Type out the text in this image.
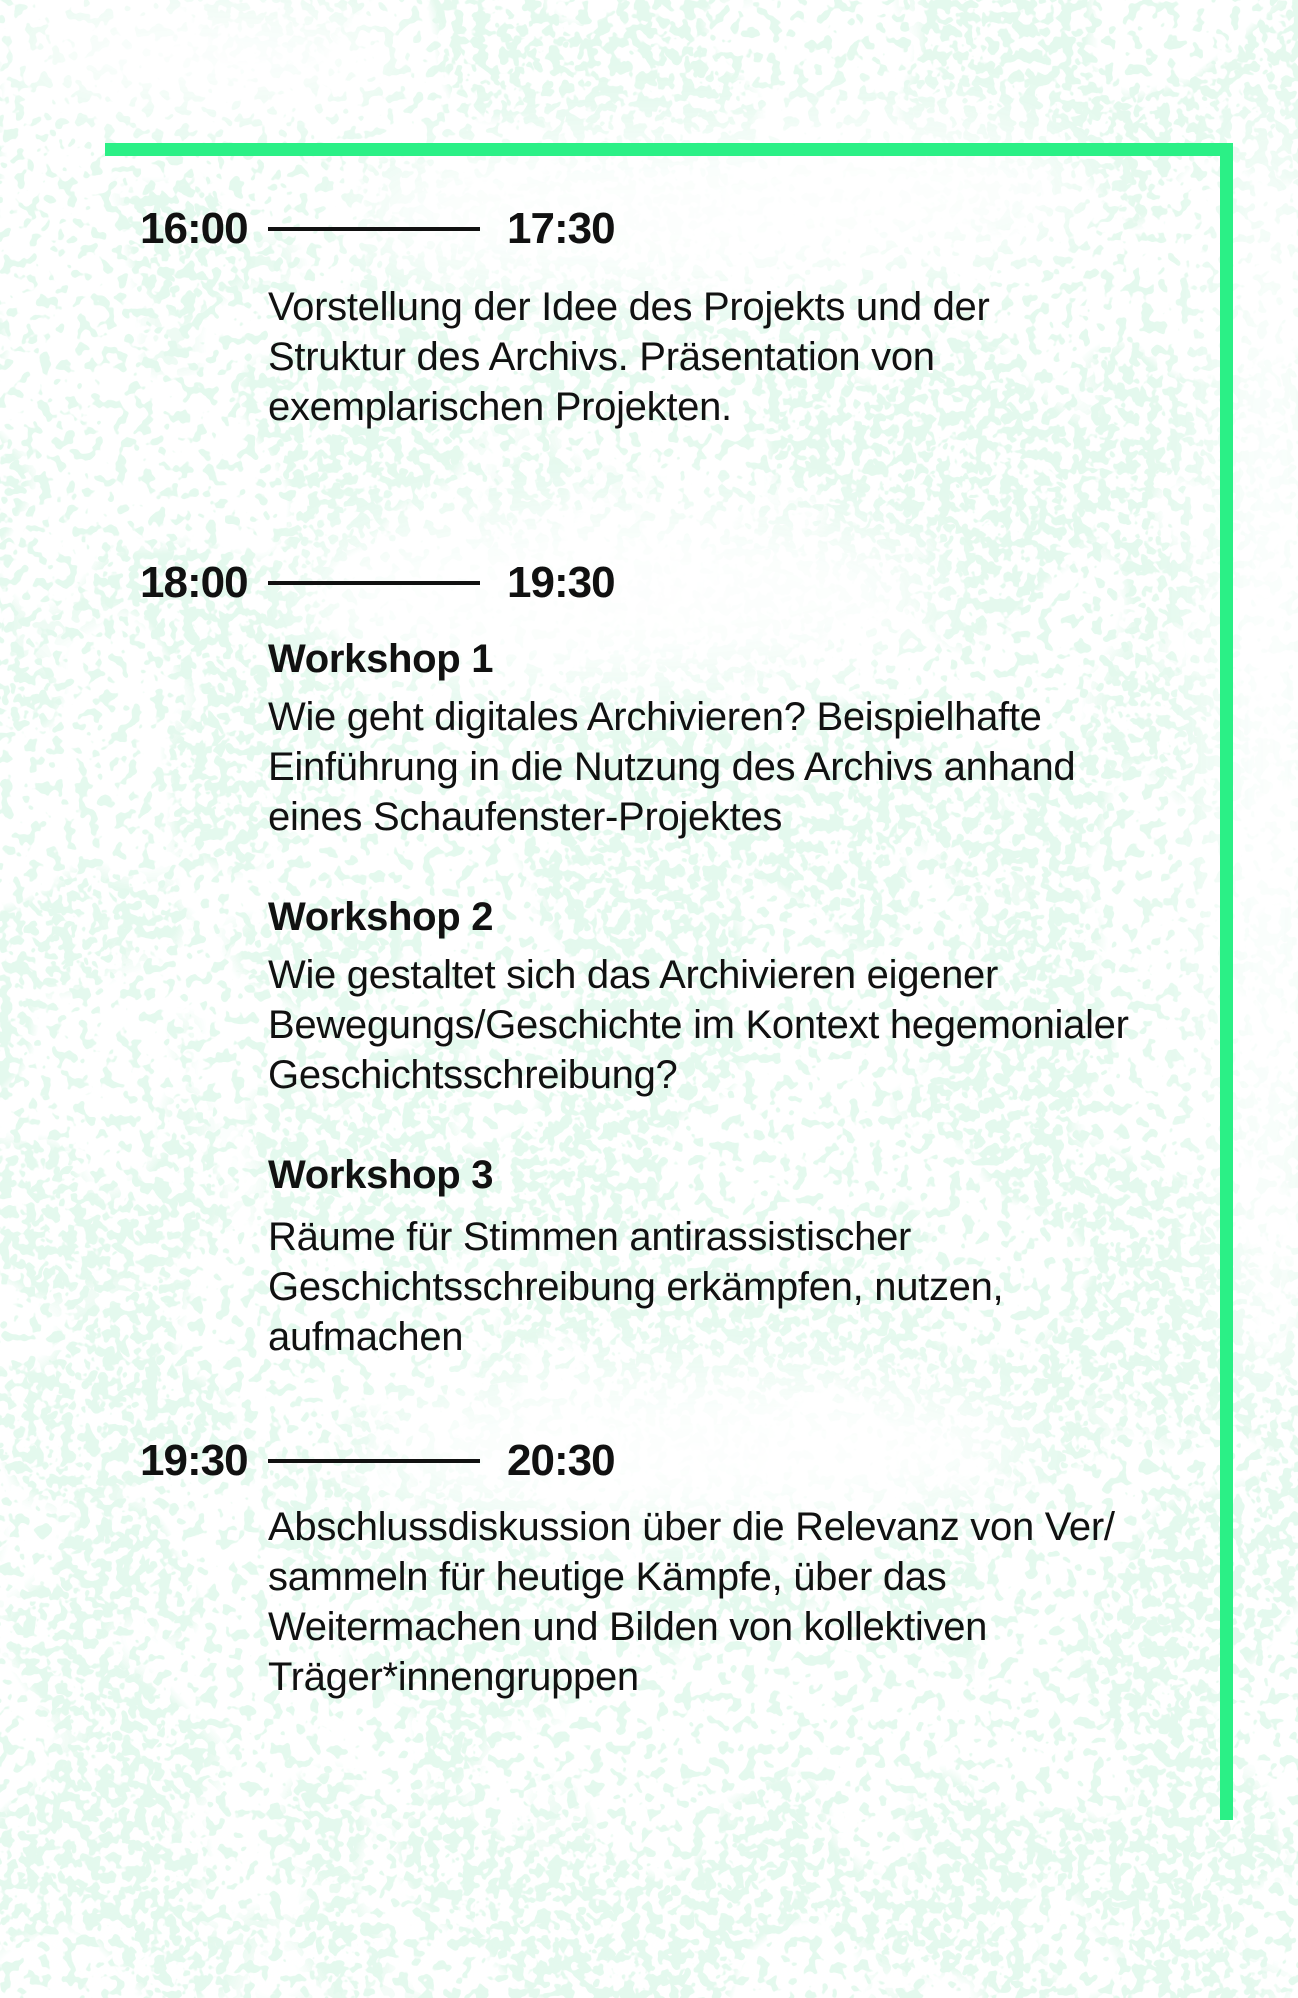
16:00	17:30
Vorstellung der Idee des Projekts und der
Struktur des Archivs. Präsentation von
exemplarischen Projekten.
18:00	19:30
Workshop 1
Wie geht digitales Archivieren? Beispielhafte
Einführung in die Nutzung des Archivs anhand
eines Schaufenster-Projektes
Workshop 2
Wie gestaltet sich das Archivieren eigener
Bewegungs/Geschichte im Kontext hegemonialer
Geschichtsschreibung?
Workshop 3
Räume für Stimmen antirassistischer
Geschichtsschreibung erkämpfen, nutzen,
aufmachen
19:30	20:30
Abschlussdiskussion über die Relevanz von Ver/
sammeln für heutige Kämpfe, über das
Weitermachen und Bilden von kollektiven
Träger*innengruppen
